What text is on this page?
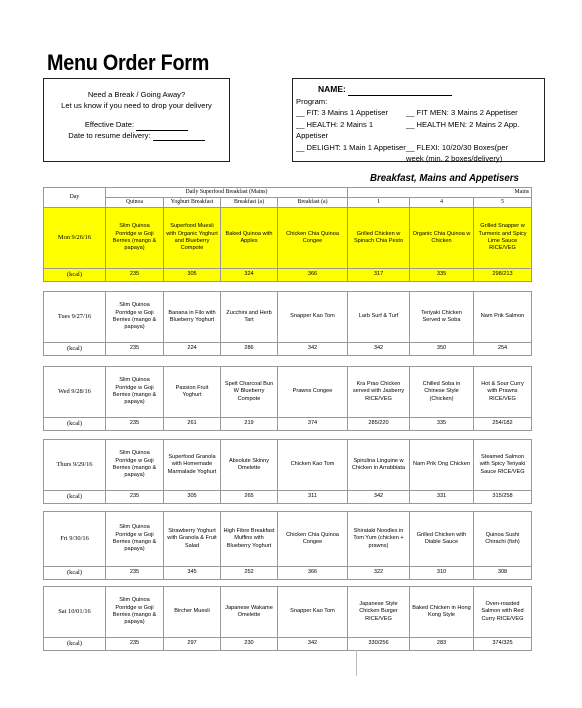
Menu Order Form
Need a Break / Going Away?
Let us know if you need to drop your delivery
Effective Date:
Date to resume delivery:
NAME:
Program:
__ FIT: 3 Mains 1 Appetiser	__ FIT MEN: 3 Mains 2 Appetiser
__ HEALTH: 2 Mains 1 Appetiser
__ HEALTH MEN: 2 Mains 2 App.
__ DELIGHT: 1 Main 1 Appetiser __ FLEXI: 10/20/30 Boxes(per
week (min. 2 boxes/delivery)
Breakfast, Mains and Appetisers
Day	Daily Superfood Breakfast (Mains)				Mains		
	Quinoa	Yoghurt Breakfast	Breakfast (a)	Breakfast (a)	1	4	5
Mon 9/26/16	Slim Quinoa Porridge w Goji Berries (mango & papaya)	Superfood Muesli with Organic Yoghurt and Blueberry Compote	Baked Quinoa with Apples	Chicken Chia Quinoa Congee	Grilled Chicken w Spinach Chia Pesto	Organic Chia Quinoa w Chicken	Grilled Snapper w Turmeric and Spicy Lime Sauce RICE/VEG
(kcal)	235	305	324	366	317	335	298/213
Tues 9/27/16	Slim Quinoa Porridge w Goji Berries (mango & papaya)	Banana in Filo with Blueberry Yoghurt	Zucchini and Herb Tart	Snapper Kao Tom	Larb Surf & Turf	Teriyaki Chicken Served w Soba	Nam Prik Salmon
(kcal)	235	224	286	342	342	350	254
Wed 9/28/16	Slim Quinoa Porridge w Goji Berries (mango & papaya)	Passion Fruit Yoghurt	Spelt Charcoal Bun W Blueberry Compote	Prawns Congee	Kra Prao Chicken served with Jasberry RICE/VEG	Chilled Soba in Chinese Style (Chicken)	Hot & Sour Curry with Prawns RICE/VEG
(kcal)	235	261	219	374	285/220	335	254/182
Thurs 9/29/16	Slim Quinoa Porridge w Goji Berries (mango & papaya)	Superfood Granola with Homemade Marmalade Yoghurt	Absolute Skinny Omelette	Chicken Kao Tom	Spirulina Linguine w Chicken in Arrabbiata	Nam Prik Ong Chicken	Steamed Salmon with Spicy Teriyaki Sauce RICE/VEG
(kcal)	235	305	265	311	342	331	315/258
Fri 9/30/16	Slim Quinoa Porridge w Goji Berries (mango & papaya)	Strawberry Yoghurt with Granola & Fruit Salad	High Fibre Breakfast Muffins with Blueberry Yoghurt	Chicken Chia Quinoa Congee	Shirataki Noodles in Tom Yum (chicken + prawns)	Grilled Chicken with Diable Sauce	Quinoa Sushi Chirachi (fish)
(kcal)	235	345	252	366	322	310	308
Sat 10/01/16	Slim Quinoa Porridge w Goji Berries (mango & papaya)	Bircher Muesli	Japanese Wakame Omelette	Snapper Kao Tom	Japanese Style Chicken Burger RICE/VEG	Baked Chicken in Hong Kong Style	Oven-roasted Salmon with Red Curry RICE/VEG
(kcal)	235	297	230	342	330/256	283	374/325
